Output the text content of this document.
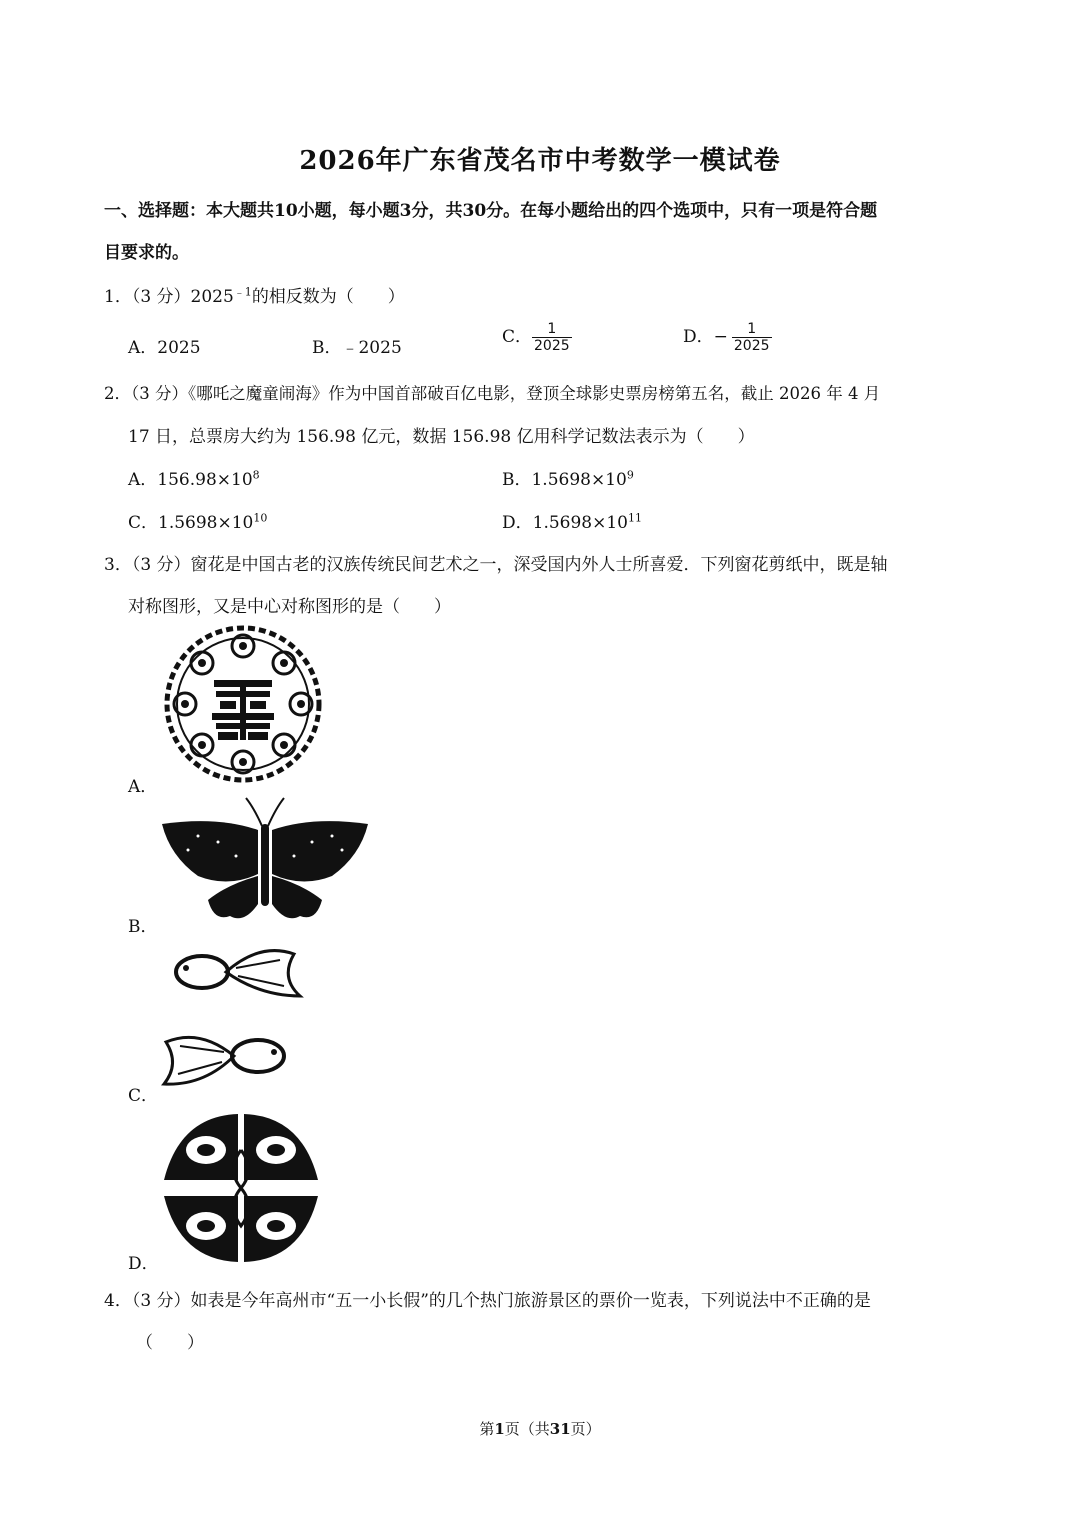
2026年广东省茂名市中考数学一模试卷
一、选择题：本大题共10小题，每小题3分，共30分。在每小题给出的四个选项中，只有一项是符合题
目要求的。
1．（3 分）$2025^{﹣1}$的相反数为（　　）
A．2025	B．﹣2025
C． $\frac{1}{2025}$	D．− $\frac{1}{2025}$
2．（3 分）《哪吒之魔童闹海》作为中国首部破百亿电影，登顶全球影史票房榜第五名，截止 2026 年 4 月
17 日，总票房大约为 156.98 亿元，数据 156.98 亿用科学记数法表示为（　　）
A．$156.98\times 10^8$	B．$1.5698\times 10^9$
C．$1.5698\times 10^{10}$	D．$1.5698\times 10^{11}$
3．（3 分）窗花是中国古老的汉族传统民间艺术之一，深受国内外人士所喜爱．下列窗花剪纸中，既是轴
对称图形，又是中心对称图形的是（　　）
A．
B．
C．
D．
4．（3 分）如表是今年高州市“五一小长假”的几个热门旅游景区的票价一览表，下列说法中不正确的是
（　　）
第1页（共31页）
